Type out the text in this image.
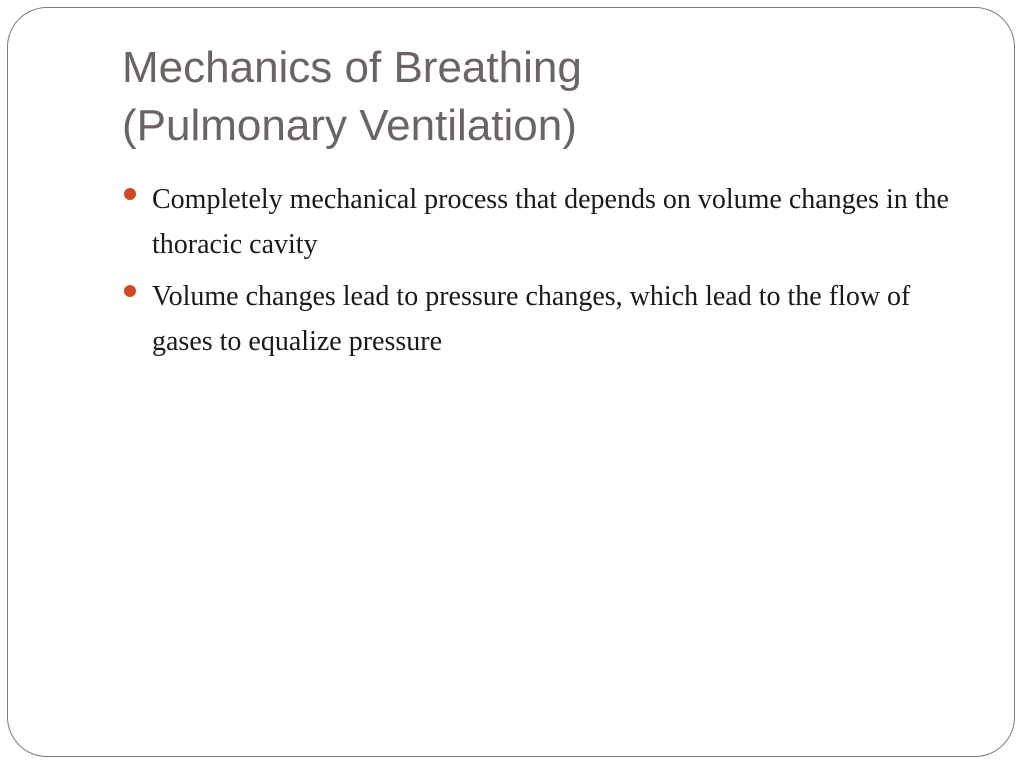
Mechanics of Breathing
(Pulmonary Ventilation)
Completely mechanical process that depends on volume changes in the thoracic cavity
Volume changes lead to pressure changes, which lead to the flow of gases to equalize pressure
